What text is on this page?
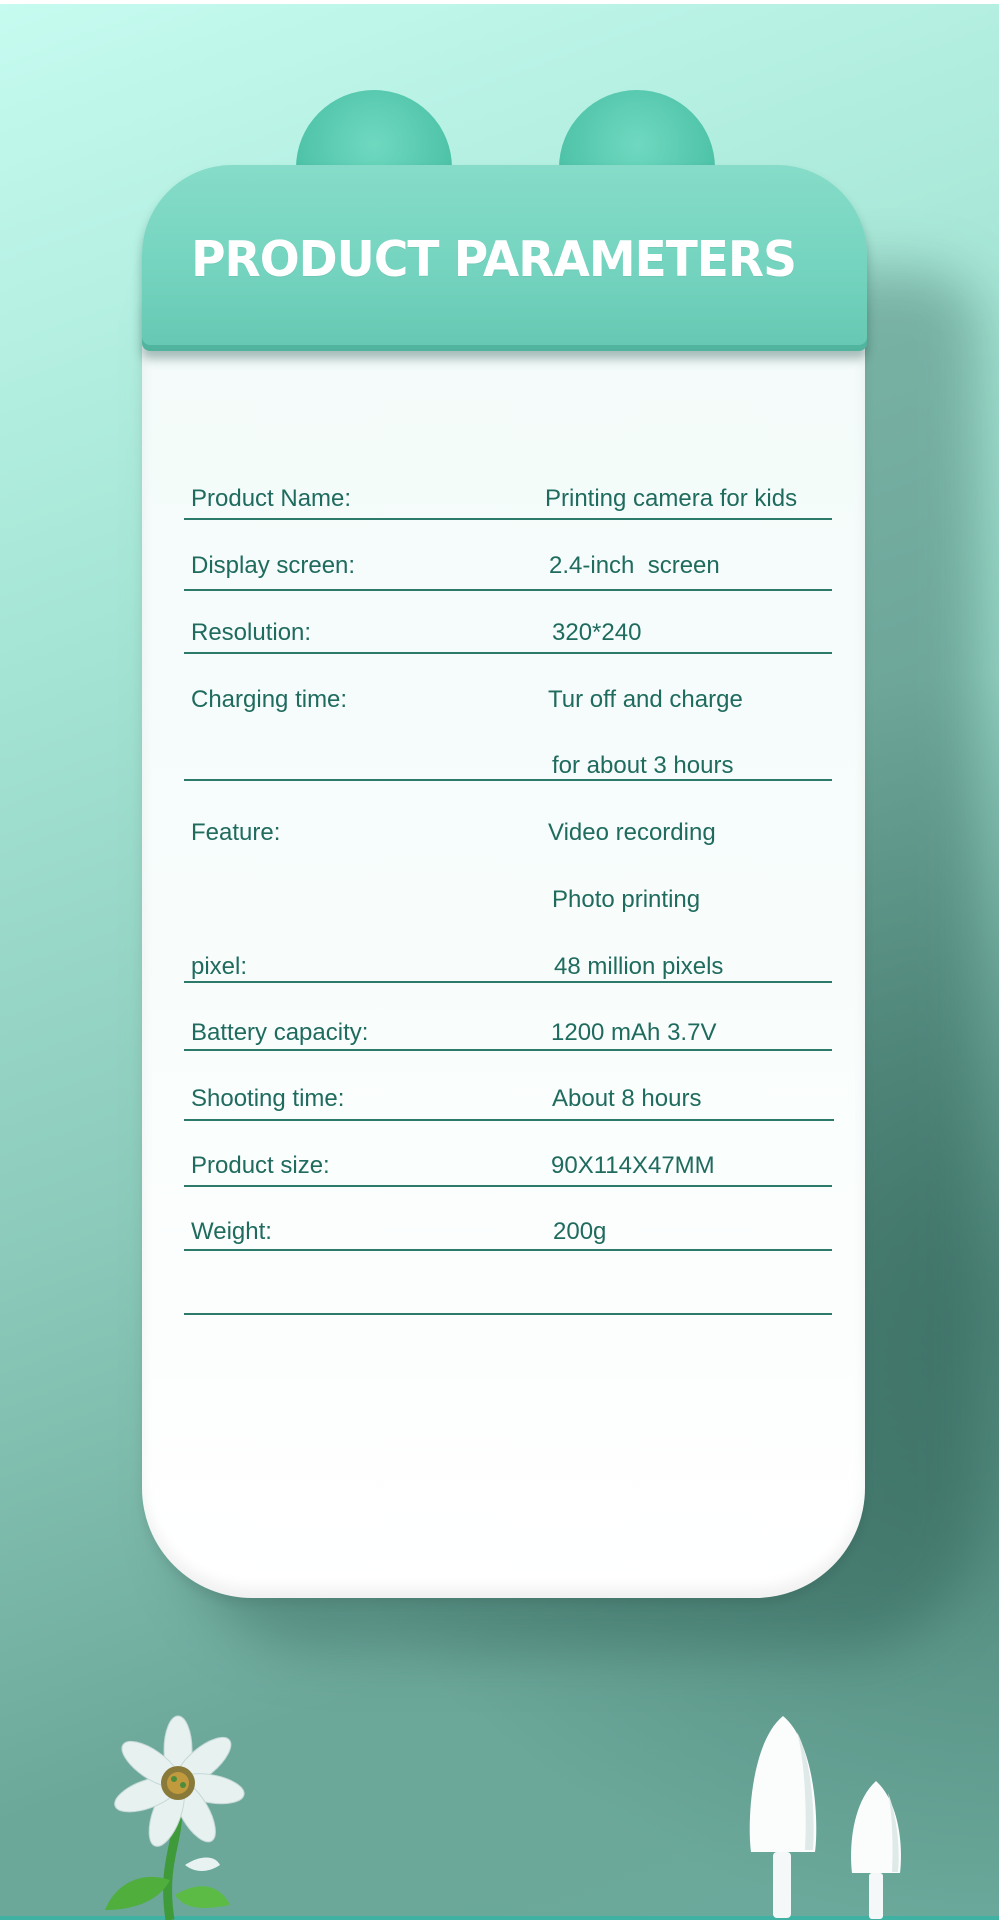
PRODUCT PARAMETERS
Product Name:	Printing camera for kids
Display screen:	2.4-inch  screen
Resolution:	320*240
Charging time:	Tur off and charge
for about 3 hours
Feature:	Video recording
Photo printing
pixel:	48 million pixels
Battery capacity:	1200 mAh 3.7V
Shooting time:	About 8 hours
Product size:	90X114X47MM
Weight:	200g
